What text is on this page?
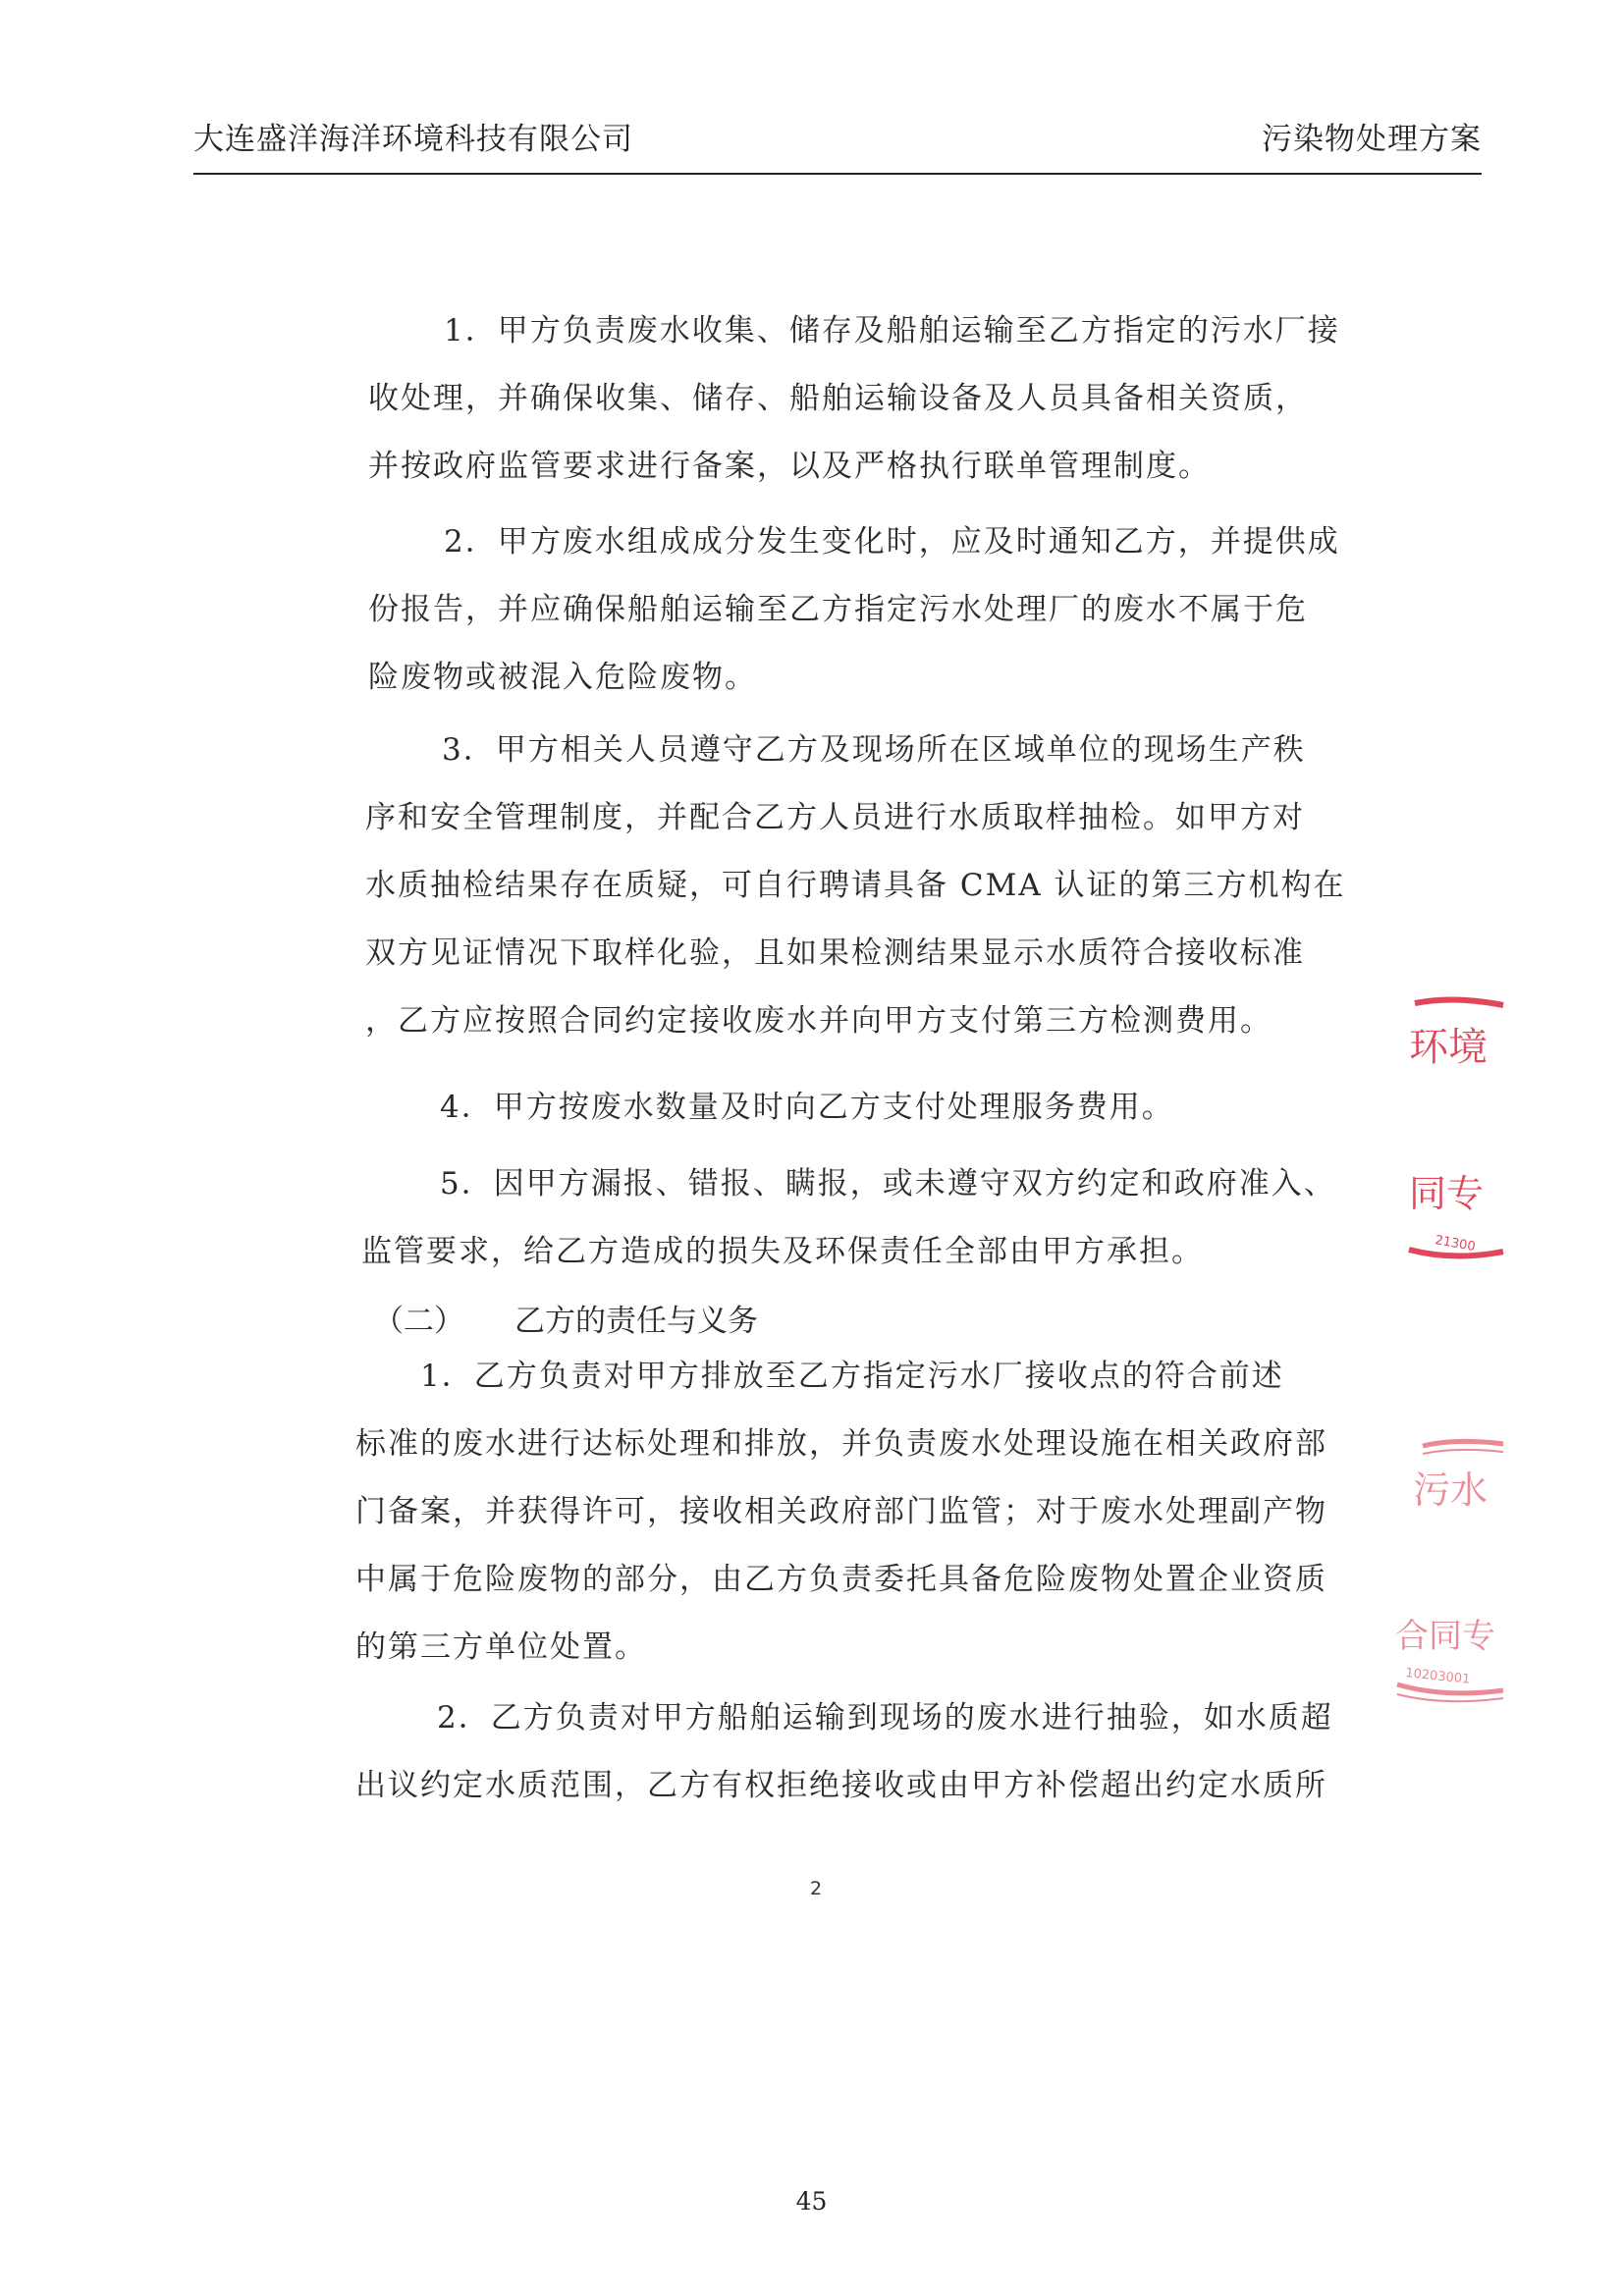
大连盛洋海洋环境科技有限公司	污染物处理方案
1．甲方负责废水收集、储存及船舶运输至乙方指定的污水厂接
收处理，并确保收集、储存、船舶运输设备及人员具备相关资质，
并按政府监管要求进行备案，以及严格执行联单管理制度。
2．甲方废水组成成分发生变化时，应及时通知乙方，并提供成
份报告，并应确保船舶运输至乙方指定污水处理厂的废水不属于危
险废物或被混入危险废物。
3．甲方相关人员遵守乙方及现场所在区域单位的现场生产秩
序和安全管理制度，并配合乙方人员进行水质取样抽检。如甲方对
水质抽检结果存在质疑，可自行聘请具备 CMA 认证的第三方机构在
双方见证情况下取样化验，且如果检测结果显示水质符合接收标准
，乙方应按照合同约定接收废水并向甲方支付第三方检测费用。
4．甲方按废水数量及时向乙方支付处理服务费用。
5．因甲方漏报、错报、瞒报，或未遵守双方约定和政府准入、
监管要求，给乙方造成的损失及环保责任全部由甲方承担。
（二） 乙方的责任与义务
1．乙方负责对甲方排放至乙方指定污水厂接收点的符合前述
标准的废水进行达标处理和排放，并负责废水处理设施在相关政府部
门备案，并获得许可，接收相关政府部门监管；对于废水处理副产物
中属于危险废物的部分，由乙方负责委托具备危险废物处置企业资质
的第三方单位处置。
2．乙方负责对甲方船舶运输到现场的废水进行抽验，如水质超
出议约定水质范围，乙方有权拒绝接收或由甲方补偿超出约定水质所
2
45
环境
同专
21300
污水
合同专
10203001
